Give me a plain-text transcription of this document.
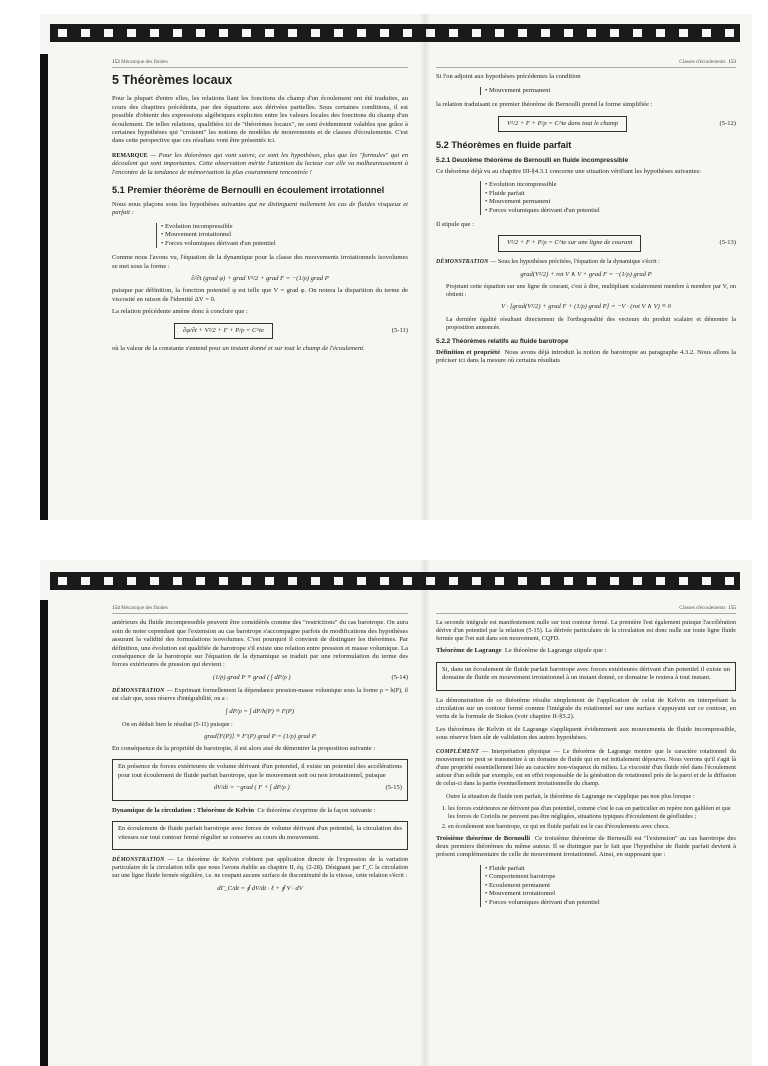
152 Mécanique des fluides
5 Théorèmes locaux

Pour la plupart d'entre elles, les relations liant les fonctions du champ d'un écoulement ont été traduites, au cours des chapitres précédents, par des équations aux dérivées partielles. Sous certaines conditions, il est possible d'obtenir des expressions algébriques explicites entre les valeurs locales des fonctions du champ d'un écoulement. De telles relations, qualifiées ici de "théorèmes locaux", ne sont évidemment valables que grâce à certaines hypothèses qui "croisent" les notions de modèles de mouvements et de classes d'écoulements. C'est dans cette perspective que ces résultats vont être présentés ici.

REMARQUE — Pour les théorèmes qui vont suivre, ce sont les hypothèses, plus que les "formules" qui en découlent qui sont importantes. Cette observation mérite l'attention du lecteur car elle va malheureusement à l'encontre de la tendance de mémorisation la plus couramment rencontrée !

5.1 Premier théorème de Bernoulli en écoulement irrotationnel

Nous nous plaçons sous les hypothèses suivantes qui ne distinguent nullement les cas de fluides visqueux et parfait :

• Evolution incompressible
• Mouvement irrotationnel
• Forces volumiques dérivant d'un potentiel

Comme nous l'avons vu, l'équation de la dynamique pour la classe des mouvements irrotationnels isovolumes se met sous la forme :

∂/∂t (grad φ) + grad V²/2 + grad F = −(1/ρ) grad P

puisque par définition, la fonction potentiel φ est telle que V = grad φ. On notera la disparition du terme de viscosité en raison de l'identité ΔV = 0.

La relation précédente amène donc à conclure que :

∂φ/∂t + V²/2 + F + P/ρ = C^te	(5-11)

où la valeur de la constante s'entend pour un instant donné et sur tout le champ de l'écoulement.

Classes d'écoulements 153

Si l'on adjoint aux hypothèses précédentes la condition

• Mouvement permanent

la relation traduisant ce premier théorème de Bernoulli prend la forme simplifiée :

V²/2 + F + P/ρ = C^te dans tout le champ	(5-12)
5.2 Théorèmes en fluide parfait
5.2.1 Deuxième théorème de Bernoulli en fluide incompressible

Ce théorème déjà vu au chapitre III-§4.3.1 concerne une situation vérifiant les hypothèses suivantes:

• Evolution incompressible
• Fluide parfait
• Mouvement permanent
• Forces volumiques dérivant d'un potentiel

Il stipule que :

V²/2 + F + P/ρ = C^te sur une ligne de courant	(5-13)

DÉMONSTRATION — Sous les hypothèses précitées, l'équation de la dynamique s'écrit :

grad(V²/2) + rot V ∧ V + grad F = −(1/ρ) grad P

Projetant cette équation sur une ligne de courant, c'est à dire, multipliant scalairement membre à membre par V, on obtient :

V · [grad(V²/2) + grad F + (1/ρ) grad P] = −V · (rot V ∧ V) ≡ 0

La dernière égalité résultant directement de l'orthogonalité des vecteurs du produit scalaire et démontre la proposition annoncée.

5.2.2 Théorèmes relatifs au fluide barotrope

Définition et propriété Nous avons déjà introduit la notion de barotropie au paragraphe 4.3.2. Nous allons la préciser ici dans la mesure où certains résultats

154 Mécanique des fluides

antérieurs du fluide incompressible peuvent être considérés comme des "restrictions" du cas barotrope. On aura soin de noter cependant que l'extension au cas barotrope s'accompagne parfois de modifications des hypothèses assurant la validité des formulations isovolumes. C'est pourquoi il convient de distinguer les théorèmes. Par définition, une évolution est qualifiée de barotrope s'il existe une relation entre pression et masse volumique. La conséquence de la barotropie sur l'équation de la dynamique se traduit par une reformulation du terme des forces extérieures de pression qui devient :

(1/ρ) grad P ≡ grad ( ∫ dP/ρ )	(5-14)

DÉMONSTRATION — Exprimant formellement la dépendance pression-masse volumique sous la forme ρ = h(P), il est clair que, sous réserve d'intégrabilité, on a :

∫ dP/ρ = ∫ dP/h(P) ≡ F(P)

On en déduit bien le résultat (5-11) puisque :

grad[F(P)] ≡ F'(P) grad P = (1/ρ) grad P

En conséquence de la propriété de barotropie, il est alors aisé de démontrer la proposition suivante :

En présence de forces extérieures de volume dérivant d'un potentiel, il existe un potentiel des accélérations pour tout écoulement de fluide parfait barotrope, que le mouvement soit ou non irrotationnel, puisque

dV/dt = −grad ( F + ∫ dP/ρ )	(5-15)

Dynamique de la circulation : Théorème de Kelvin Ce théorème s'exprime de la façon suivante :

En écoulement de fluide parfait barotrope avec forces de volume dérivant d'un potentiel, la circulation des vitesses sur tout contour fermé régulier se conserve au cours du mouvement.

DÉMONSTRATION — Le théorème de Kelvin s'obtient par application directe de l'expression de la variation particulaire de la circulation telle que nous l'avons établie au chapitre II, éq. (2-28). Désignant par Γ_C la circulation sur une ligne fluide fermée régulière, i.e. ne coupant aucune surface de discontinuité de la vitesse, cette relation s'écrit :

dΓ_C/dt = ∮ dV/dt · ℓ + ∮ V · dV
Classes d'écoulements 155

La seconde intégrale est manifestement nulle sur tout contour fermé. La première l'est également puisque l'accélération dérive d'un potentiel par la relation (5-15). La dérivée particulaire de la circulation est donc nulle sur toute ligne fluide fermée que l'on suit dans son mouvement, CQFD.

Théorème de Lagrange Le théorème de Lagrange stipule que :

Si, dans un écoulement de fluide parfait barotrope avec forces extérieures dérivant d'un potentiel il existe un domaine de fluide en mouvement irrotationnel à un instant donné, ce domaine le restera à tout instant.

La démonstration de ce théorème résulte simplement de l'application de celui de Kelvin en interprétant la circulation sur un contour fermé comme l'intégrale du rotationnel sur une surface s'appuyant sur ce contour, en vertu de la formule de Stokes (voir chapitre II-§5.2).

Les théorèmes de Kelvin et de Lagrange s'appliquent évidemment aux mouvements de fluide incompressible, sous réserve bien sûr de validation des autres hypothèses.

COMPLÉMENT — Interprétation physique — Le théorème de Lagrange montre que le caractère rotationnel du mouvement ne peut se transmettre à un domaine de fluide qui en est initialement dépourvu. Nous verrons qu'il s'agit là d'une propriété essentiellement liée au caractère non-visqueux du milieu. La viscosité d'un fluide réel dans l'écoulement autour d'un solide par exemple, est en effet responsable de la génération de rotationnel près de la paroi et de la diffusion de celui-ci dans la partie éventuellement irrotationnelle du champ.

Outre la situation de fluide non parfait, le théorème de Lagrange ne s'applique pas non plus lorsque :

1. les forces extérieures ne dérivent pas d'un potentiel, comme c'est le cas en particulier en repère non galiléen et que les forces de Coriolis ne peuvent pas être négligées, situations typiques d'écoulement de géofluides ;
2. en écoulement non barotrope, ce qui en fluide parfait est le cas d'écoulements avec chocs.

Troisième théorème de Bernoulli Ce troisième théorème de Bernoulli est "l'extension" au cas barotrope des deux premiers théorèmes du même auteur. Il se distingue par le fait que l'hypothèse de fluide parfait devient à présent complémentaire de celle de mouvement irrotationnel. Ainsi, en supposant que :

• Fluide parfait
• Comportement barotrope
• Ecoulement permanent
• Mouvement irrotationnel
• Forces volumiques dérivant d'un potentiel
